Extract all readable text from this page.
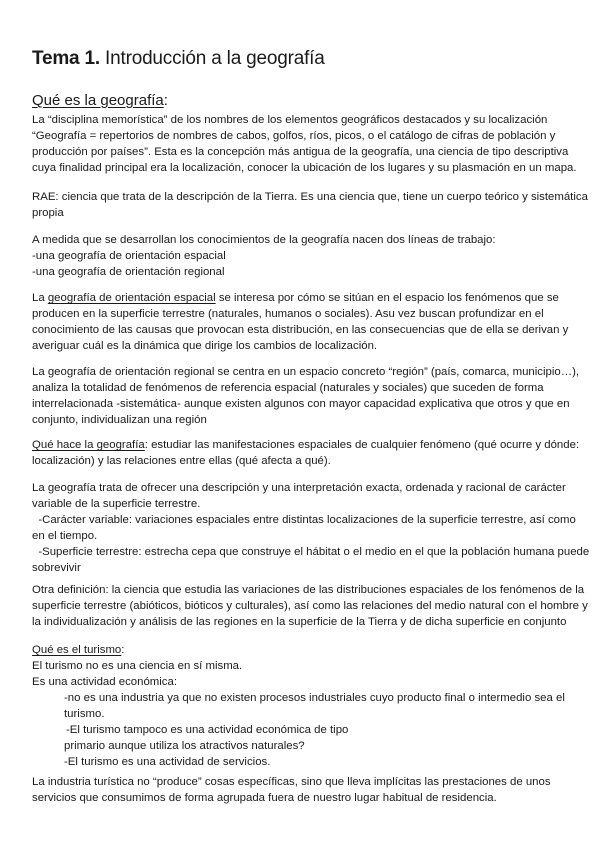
Tema 1. Introducción a la geografía
Qué es la geografía:
La “disciplina memorística” de los nombres de los elementos geográficos destacados y su localización
“Geografía = repertorios de nombres de cabos, golfos, ríos, picos, o el catálogo de cifras de población y
producción por países”. Esta es la concepción más antigua de la geografía, una ciencia de tipo descriptiva
cuya finalidad principal era la localización, conocer la ubicación de los lugares y su plasmación en un mapa.
RAE: ciencia que trata de la descripción de la Tierra. Es una ciencia que, tiene un cuerpo teórico y sistemática
propia
A medida que se desarrollan los conocimientos de la geografía nacen dos líneas de trabajo:
-una geografía de orientación espacial
-una geografía de orientación regional
La geografía de orientación espacial se interesa por cómo se sitúan en el espacio los fenómenos que se
producen en la superficie terrestre (naturales, humanos o sociales). Asu vez buscan profundizar en el
conocimiento de las causas que provocan esta distribución, en las consecuencias que de ella se derivan y
averiguar cuál es la dinámica que dirige los cambios de localización.
La geografía de orientación regional se centra en un espacio concreto “región” (país, comarca, municipio…),
analiza la totalidad de fenómenos de referencia espacial (naturales y sociales) que suceden de forma
interrelacionada -sistemática- aunque existen algunos con mayor capacidad explicativa que otros y que en
conjunto, individualizan una región
Qué hace la geografía: estudiar las manifestaciones espaciales de cualquier fenómeno (qué ocurre y dónde:
localización) y las relaciones entre ellas (qué afecta a qué).
La geografía trata de ofrecer una descripción y una interpretación exacta, ordenada y racional de carácter
variable de la superficie terrestre.
-Carácter variable: variaciones espaciales entre distintas localizaciones de la superficie terrestre, así como
en el tiempo.
-Superficie terrestre: estrecha cepa que construye el hábitat o el medio en el que la población humana puede
sobrevivir
Otra definición: la ciencia que estudia las variaciones de las distribuciones espaciales de los fenómenos de la
superficie terrestre (abióticos, bióticos y culturales), así como las relaciones del medio natural con el hombre y
la individualización y análisis de las regiones en la superficie de la Tierra y de dicha superficie en conjunto
Qué es el turismo:
El turismo no es una ciencia en sí misma.
Es una actividad económica:
-no es una industria ya que no existen procesos industriales cuyo producto final o intermedio sea el
turismo.
-El turismo tampoco es una actividad económica de tipo
primario aunque utiliza los atractivos naturales?
-El turismo es una actividad de servicios.
La industria turística no “produce” cosas específicas, sino que lleva implícitas las prestaciones de unos
servicios que consumimos de forma agrupada fuera de nuestro lugar habitual de residencia.
